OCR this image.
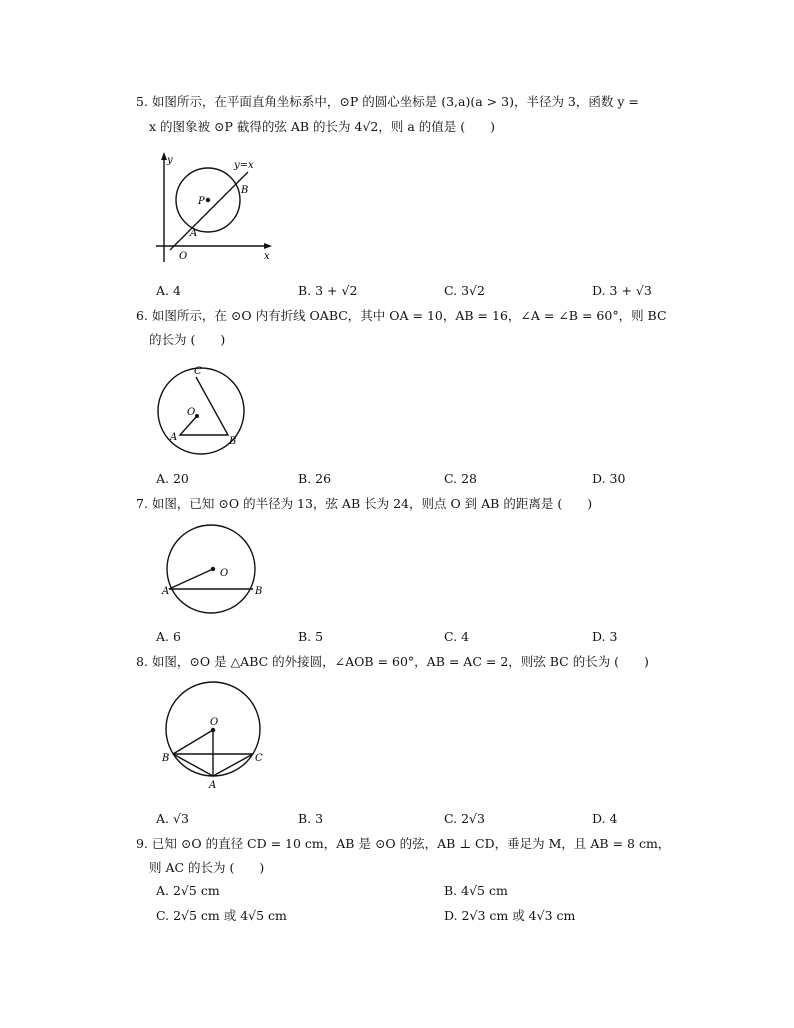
5. 如图所示，在平面直角坐标系中，⊙P 的圆心坐标是 (3,a)(a > 3)，半径为 3，函数 y =
x 的图象被 ⊙P 截得的弦 AB 的长为 4√2，则 a 的值是 (　　)
y
x
y=x
P
A
B
O
A. 4	B. 3 + √2	C. 3√2	D. 3 + √3
6. 如图所示，在 ⊙O 内有折线 OABC，其中 OA = 10，AB = 16，∠A = ∠B = 60°，则 BC
的长为 (　　)
C
O
A	B
A. 20	B. 26	C. 28	D. 30
7. 如图，已知 ⊙O 的半径为 13，弦 AB 长为 24，则点 O 到 AB 的距离是 (　　)
O
A	B
A. 6	B. 5	C. 4	D. 3
8. 如图，⊙O 是 △ABC 的外接圆，∠AOB = 60°，AB = AC = 2，则弦 BC 的长为 (　　)
O
B	C
A
A. √3	B. 3	C. 2√3	D. 4
9. 已知 ⊙O 的直径 CD = 10 cm，AB 是 ⊙O 的弦，AB ⊥ CD，垂足为 M，且 AB = 8 cm，
则 AC 的长为 (　　)
A. 2√5 cm	B. 4√5 cm
C. 2√5 cm 或 4√5 cm	D. 2√3 cm 或 4√3 cm
